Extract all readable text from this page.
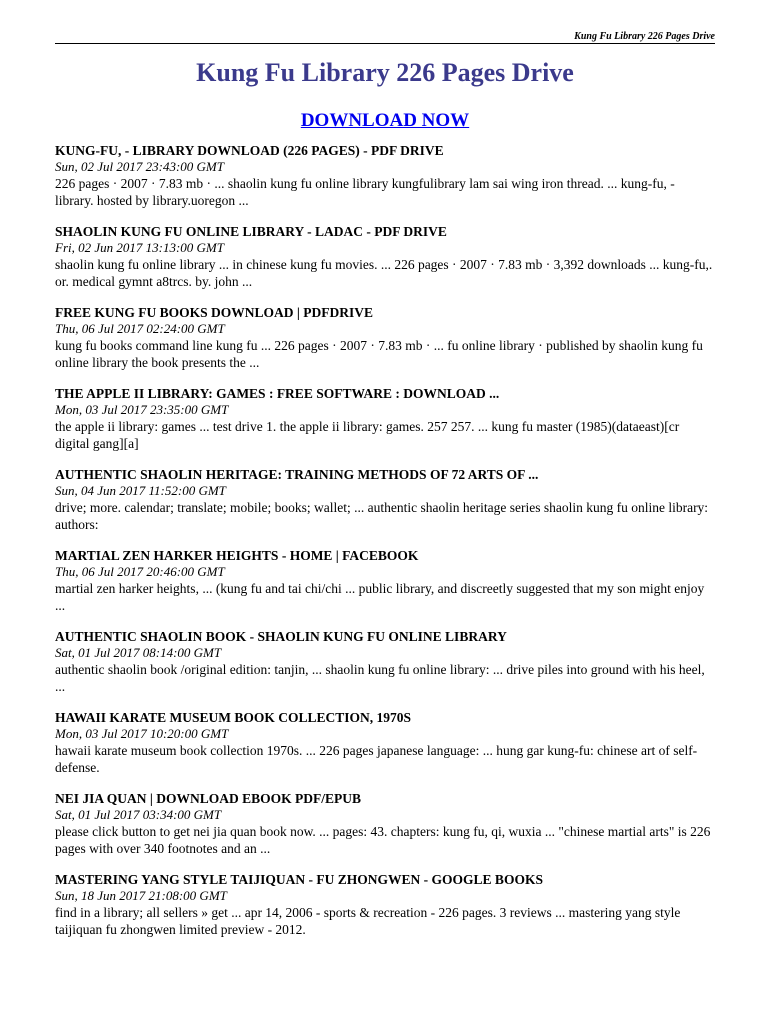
Kung Fu Library 226 Pages Drive
Kung Fu Library 226 Pages Drive
DOWNLOAD NOW
KUNG-FU, - LIBRARY DOWNLOAD (226 PAGES) - PDF DRIVE
Sun, 02 Jul 2017 23:43:00 GMT
226 pages · 2007 · 7.83 mb · ... shaolin kung fu online library kungfulibrary lam sai wing iron thread. ... kung-fu, - library. hosted by library.uoregon ...
SHAOLIN KUNG FU ONLINE LIBRARY - LADAC - PDF DRIVE
Fri, 02 Jun 2017 13:13:00 GMT
shaolin kung fu online library ... in chinese kung fu movies. ... 226 pages · 2007 · 7.83 mb · 3,392 downloads ... kung-fu,. or. medical gymnt a8trcs. by. john ...
FREE KUNG FU BOOKS DOWNLOAD | PDFDRIVE
Thu, 06 Jul 2017 02:24:00 GMT
kung fu books command line kung fu ... 226 pages · 2007 · 7.83 mb · ... fu online library · published by shaolin kung fu online library the book presents the ...
THE APPLE II LIBRARY: GAMES : FREE SOFTWARE : DOWNLOAD ...
Mon, 03 Jul 2017 23:35:00 GMT
the apple ii library: games ... test drive 1. the apple ii library: games. 257 257. ... kung fu master (1985)(dataeast)[cr digital gang][a]
AUTHENTIC SHAOLIN HERITAGE: TRAINING METHODS OF 72 ARTS OF ...
Sun, 04 Jun 2017 11:52:00 GMT
drive; more. calendar; translate; mobile; books; wallet; ... authentic shaolin heritage series shaolin kung fu online library: authors:
MARTIAL ZEN HARKER HEIGHTS - HOME | FACEBOOK
Thu, 06 Jul 2017 20:46:00 GMT
martial zen harker heights, ... (kung fu and tai chi/chi ... public library, and discreetly suggested that my son might enjoy ...
AUTHENTIC SHAOLIN BOOK - SHAOLIN KUNG FU ONLINE LIBRARY
Sat, 01 Jul 2017 08:14:00 GMT
authentic shaolin book /original edition: tanjin, ... shaolin kung fu online library: ... drive piles into ground with his heel, ...
HAWAII KARATE MUSEUM BOOK COLLECTION, 1970S
Mon, 03 Jul 2017 10:20:00 GMT
hawaii karate museum book collection 1970s. ... 226 pages japanese language: ... hung gar kung-fu: chinese art of self-defense.
NEI JIA QUAN | DOWNLOAD EBOOK PDF/EPUB
Sat, 01 Jul 2017 03:34:00 GMT
please click button to get nei jia quan book now. ... pages: 43. chapters: kung fu, qi, wuxia ... "chinese martial arts" is 226 pages with over 340 footnotes and an ...
MASTERING YANG STYLE TAIJIQUAN - FU ZHONGWEN - GOOGLE BOOKS
Sun, 18 Jun 2017 21:08:00 GMT
find in a library; all sellers » get ... apr 14, 2006 - sports & recreation - 226 pages. 3 reviews ... mastering yang style taijiquan fu zhongwen limited preview - 2012.
